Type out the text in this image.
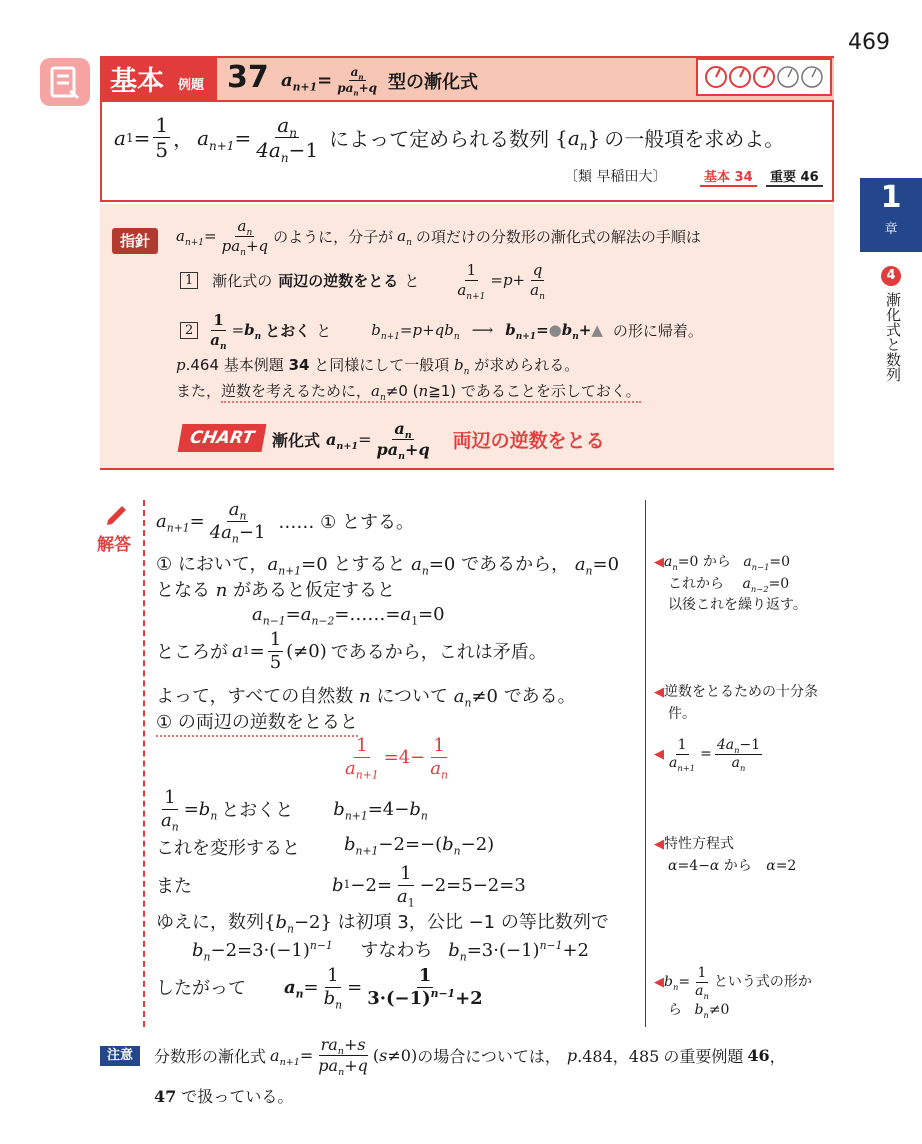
469
基本 例題 37 $a_{n+1} = \frac{a_n}{pa_n+q}$ 型の漸化式
a $1 = \frac{1}{5}$ ， $a_{n+1} = \frac{a_n}{4a_n-1}$ によって定められる数列 $\{a_n\}$ の一般項を求めよ。
〔類 早稲田大〕	基本 34	重要 46
指針	$a_{n+1} = \frac{a_n}{pa_n+q}$ のように，分子が $a_n$ の項だけの分数形の漸化式の解法の手順は
1	漸化式の 両辺の逆数をとる と $\frac{1}{a_{n+1}} = p + \frac{q}{a_n}$
2	$\frac{1}{a_n} = b_n$ とおく と	$b_{n+1} = p + qb_n$ ⟶ $b_{n+1}=●b_n+▲$ の形に帰着。
p.464 基本例題 34 と同様にして一般項 $b_n$ が求められる。
また，逆数を考えるために，$a_n\ne 0$ (n≧1) であることを示しておく。
CHART	漸化式 $a_{n+1} = \frac{a_n}{pa_n+q}$ 両辺の逆数をとる
1
章
4
漸化式と数列
解答
$a_{n+1} = \frac{a_n}{4a_n-1}$ …… ① とする。
① において，$a_{n+1}=0$ とすると $a_n=0$ であるから， $a_n=0$
となる n があると仮定すると
$a_{n-1}=a_{n-2}=\dots\dots=a_1=0$
ところが a $1 = \frac{1}{5} (\ne 0)$ であるから，これは矛盾。
よって，すべての自然数 n について $a_n\ne 0$ である。
① の両辺の逆数をとると
$\frac{1}{a_{n+1}} =4- \frac{1}{a_n}$
$\frac{1}{a_n} = b_n$ とおくと $b_{n+1} =4- b_n$
これを変形すると $b_{n+1}-2=-(b_n-2)$
また	b $1 -2= \frac{1}{a_1} -2=5-2=3$
ゆえに，数列$\{b_n-2\}$ は初項 3，公比 −1 の等比数列で
$b_n-2=3\cdot(-1)^{n-1}$ すなわち $b_n=3\cdot(-1)^{n-1}+2$
したがって $a_n = \frac{1}{b_n} = \frac{1}{3\cdot(-1)^{n-1}+2}$
$◀a_n=0$ から $a_{n-1}=0$
これから $a_{n-2}=0$
以後これを繰り返す。
◀逆数をとるための十分条
件。
◀ $\frac{1}{a_{n+1}} = \frac{4a_n-1}{a_n}$
◀特性方程式
α=4−α から α=2
◀ $b_n = \frac{1}{a_n}$ という式の形か

ら $b_n\ne 0$
注意	分数形の漸化式 $a_{n+1} = \frac{ra_n+s}{pa_n+q}$ ( s ≠0) の場合については， p .484，485 の重要例題 46 ，
47 で扱っている。
